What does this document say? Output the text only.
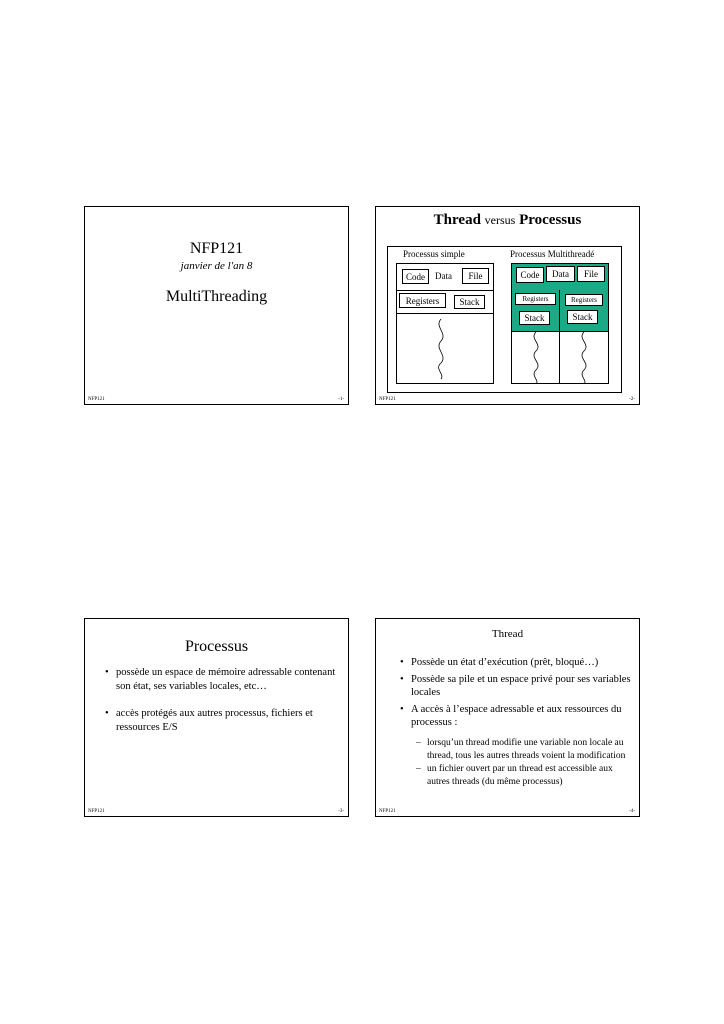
NFP121
janvier de l'an 8
MultiThreading
NFP121	-1-
Thread versus Processus
Processus simple	Processus Multithreadé
Code	Data	File
Registers	Stack
Code	Data	File
Registers	Registers
Stack	Stack
NFP121	-2-
Processus
• possède un espace de mémoire adressable contenant son état, ses variables locales, etc…
• accès protégés aux autres processus, fichiers et ressources E/S
NFP121	-3-
Thread
• Possède un état d’exécution (prêt, bloqué…)
• Possède sa pile et un espace privé pour ses variables locales
• A accès à l’espace adressable et aux ressources du processus :
– lorsqu’un thread modifie une variable non locale au thread, tous les autres threads voient la modification
– un fichier ouvert par un thread est accessible aux autres threads (du même processus)
NFP121	-4-
